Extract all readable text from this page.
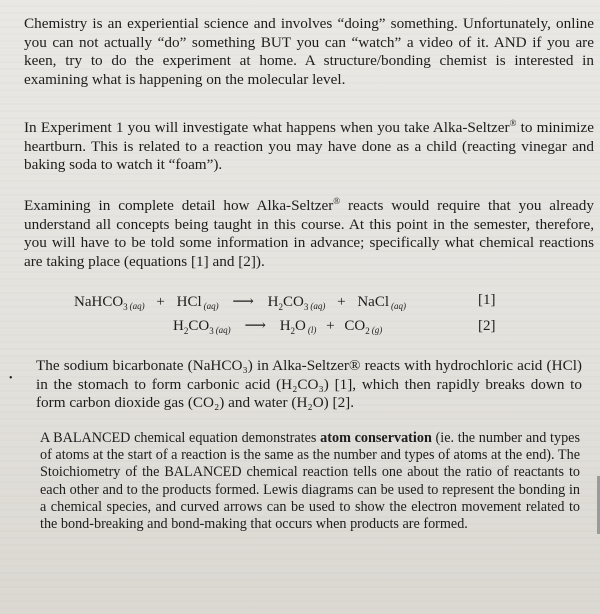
Chemistry is an experiential science and involves “doing” something. Unfortunately, online you can not actually “do” something BUT you can “watch” a video of it. AND if you are keen, try to do the experiment at home. A structure/bonding chemist is interested in examining what is happening on the molecular level.
In Experiment 1 you will investigate what happens when you take Alka-Seltzer® to minimize heartburn. This is related to a reaction you may have done as a child (reacting vinegar and baking soda to watch it “foam”).
Examining in complete detail how Alka-Seltzer® reacts would require that you already understand all concepts being taught in this course. At this point in the semester, therefore, you will have to be told some information in advance; specifically what chemical reactions are taking place (equations [1] and [2]).
NaHCO$_3$ $_{(aq)}$ + HCl $_{(aq)}$ ⟶ $H_2CO_3$ $_{(aq)}$ + NaCl $_{(aq)}$	[1]
$H_2CO_3$ $_{(aq)}$ ⟶ $H_2O$ $_{(l)} + CO_2$ $_{(g)}$	[2]
•
The sodium bicarbonate (NaHCO₃) in Alka-Seltzer® reacts with hydrochloric acid (HCl) in the stomach to form carbonic acid (H₂CO₃) [1], which then rapidly breaks down to form carbon dioxide gas (CO₂) and water (H₂O) [2].
A BALANCED chemical equation demonstrates atom conservation (ie. the number and types of atoms at the start of a reaction is the same as the number and types of atoms at the end). The Stoichiometry of the BALANCED chemical reaction tells one about the ratio of reactants to each other and to the products formed. Lewis diagrams can be used to represent the bonding in a chemical species, and curved arrows can be used to show the electron movement related to the bond-breaking and bond-making that occurs when products are formed.
